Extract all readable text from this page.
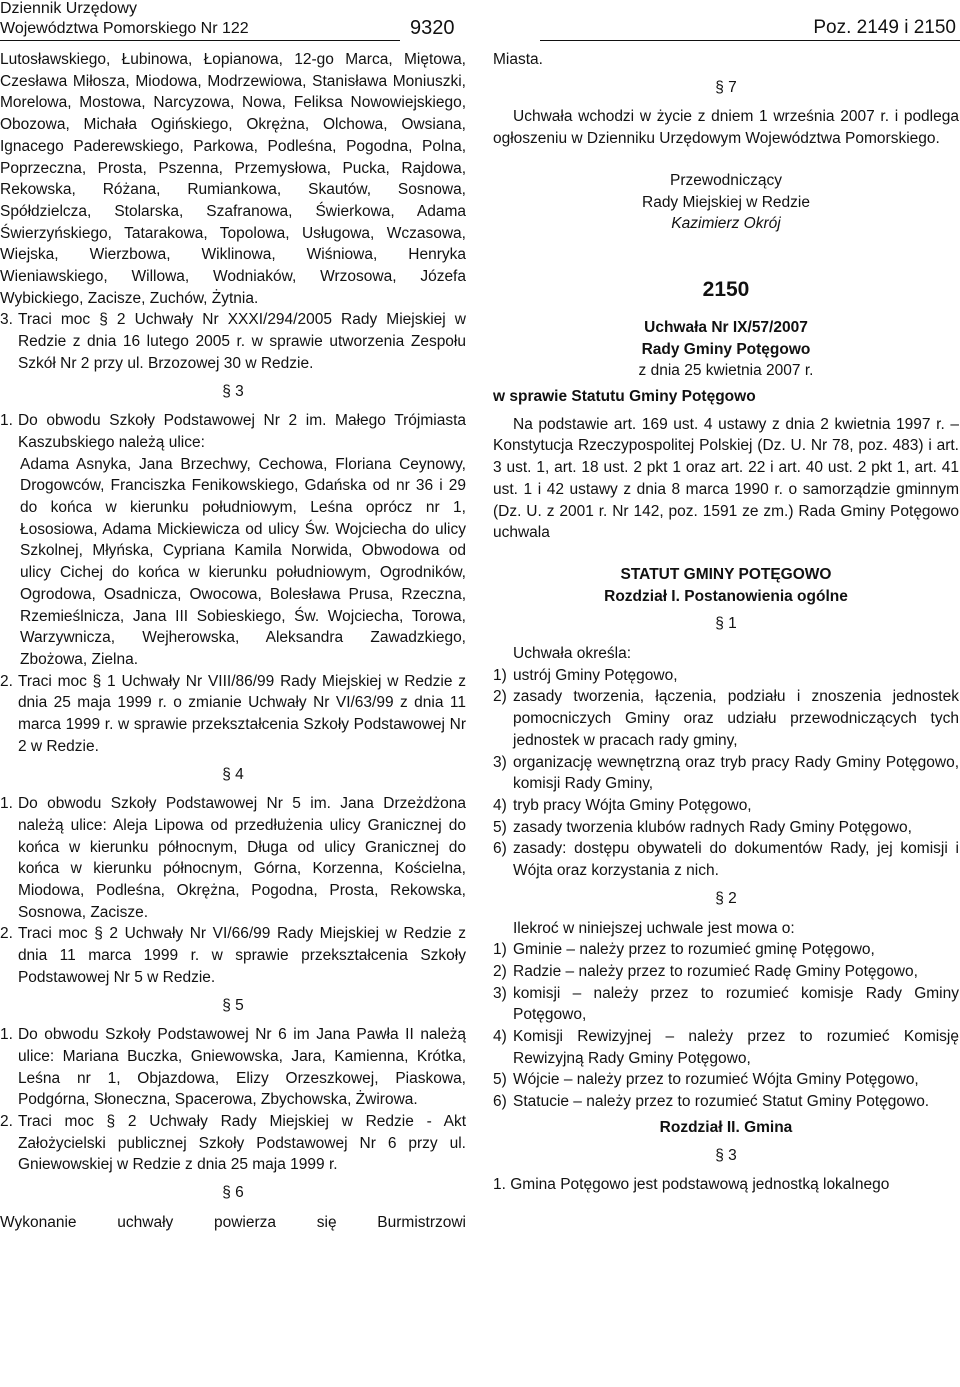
Dziennik Urzędowy
Województwa Pomorskiego Nr 122	9320	Poz. 2149 i 2150

Lutosławskiego, Łubinowa, Łopianowa, 12-go Marca, Miętowa, Czesława Miłosza, Miodowa, Modrzewiowa, Stanisława Moniuszki, Morelowa, Mostowa, Narcyzowa, Nowa, Feliksa Nowowiejskiego, Obozowa, Michała Ogińskiego, Okrężna, Olchowa, Owsiana, Ignacego Paderewskiego, Parkowa, Podleśna, Pogodna, Polna, Poprzeczna, Prosta, Pszenna, Przemysłowa, Pucka, Rajdowa, Rekowska, Różana, Rumiankowa, Skautów, Sosnowa, Spółdzielcza, Stolarska, Szafranowa, Świerkowa, Adama Świerzyńskiego, Tatarakowa, Topolowa, Usługowa, Wczasowa, Wiejska, Wierzbowa, Wiklinowa, Wiśniowa, Henryka Wieniawskiego, Willowa, Wodniaków, Wrzosowa, Józefa Wybickiego, Zacisze, Zuchów, Żytnia.

3. Traci moc § 2 Uchwały Nr XXXI/294/2005 Rady Miejskiej w Redzie z dnia 16 lutego 2005 r. w sprawie utworzenia Zespołu Szkół Nr 2 przy ul. Brzozowej 30 w Redzie.

§ 3

1. Do obwodu Szkoły Podstawowej Nr 2 im. Małego Trójmiasta Kaszubskiego należą ulice:

Adama Asnyka, Jana Brzechwy, Cechowa, Floriana Ceynowy, Drogowców, Franciszka Fenikowskiego, Gdańska od nr 36 i 29 do końca w kierunku południowym, Leśna oprócz nr 1, Łososiowa, Adama Mickiewicza od ulicy Św. Wojciecha do ulicy Szkolnej, Młyńska, Cypriana Kamila Norwida, Obwodowa od ulicy Cichej do końca w kierunku południowym, Ogrodników, Ogrodowa, Osadnicza, Owocowa, Bolesława Prusa, Rzeczna, Rzemieślnicza, Jana III Sobieskiego, Św. Wojciecha, Torowa, Warzywnicza, Wejherowska, Aleksandra Zawadzkiego, Zbożowa, Zielna.

2. Traci moc § 1 Uchwały Nr VIII/86/99 Rady Miejskiej w Redzie z dnia 25 maja 1999 r. o zmianie Uchwały Nr VI/63/99 z dnia 11 marca 1999 r. w sprawie przekształcenia Szkoły Podstawowej Nr 2 w Redzie.

§ 4

1. Do obwodu Szkoły Podstawowej Nr 5 im. Jana Drzeżdżona należą ulice: Aleja Lipowa od przedłużenia ulicy Granicznej do końca w kierunku północnym, Długa od ulicy Granicznej do końca w kierunku północnym, Górna, Korzenna, Kościelna, Miodowa, Podleśna, Okrężna, Pogodna, Prosta, Rekowska, Sosnowa, Zacisze.
2. Traci moc § 2 Uchwały Nr VI/66/99 Rady Miejskiej w Redzie z dnia 11 marca 1999 r. w sprawie przekształcenia Szkoły Podstawowej Nr 5 w Redzie.

§ 5

1. Do obwodu Szkoły Podstawowej Nr 6 im Jana Pawła II należą ulice: Mariana Buczka, Gniewowska, Jara, Kamienna, Krótka, Leśna nr 1, Objazdowa, Elizy Orzeszkowej, Piaskowa, Podgórna, Słoneczna, Spacerowa, Zbychowska, Żwirowa.
2. Traci moc § 2 Uchwały Rady Miejskiej w Redzie - Akt Założycielski publicznej Szkoły Podstawowej Nr 6 przy ul. Gniewowskiej w Redzie z dnia 25 maja 1999 r.

§ 6

Wykonanie uchwały powierza się Burmistrzowi

Miasta.

§ 7

Uchwała wchodzi w życie z dniem 1 września 2007 r. i podlega ogłoszeniu w Dzienniku Urzędowym Województwa Pomorskiego.

Przewodniczący

Rady Miejskiej w Redzie

Kazimierz Okrój

2150

Uchwała Nr IX/57/2007

Rady Gminy Potęgowo

z dnia 25 kwietnia 2007 r.

w sprawie Statutu Gminy Potęgowo

Na podstawie art. 169 ust. 4 ustawy z dnia 2 kwietnia 1997 r. – Konstytucja Rzeczypospolitej Polskiej (Dz. U. Nr 78, poz. 483) i art. 3 ust. 1, art. 18 ust. 2 pkt 1 oraz art. 22 i art. 40 ust. 2 pkt 1, art. 41 ust. 1 i 42 ustawy z dnia 8 marca 1990 r. o samorządzie gminnym (Dz. U. z 2001 r. Nr 142, poz. 1591 ze zm.) Rada Gminy Potęgowo uchwala

STATUT GMINY POTĘGOWO

Rozdział I. Postanowienia ogólne

§ 1

Uchwała określa:

1) ustrój Gminy Potęgowo,
2) zasady tworzenia, łączenia, podziału i znoszenia jednostek pomocniczych Gminy oraz udziału przewodniczących tych jednostek w pracach rady gminy,
3) organizację wewnętrzną oraz tryb pracy Rady Gminy Potęgowo, komisji Rady Gminy,
4) tryb pracy Wójta Gminy Potęgowo,
5) zasady tworzenia klubów radnych Rady Gminy Potęgowo,
6) zasady: dostępu obywateli do dokumentów Rady, jej komisji i Wójta oraz korzystania z nich.

§ 2

Ilekroć w niniejszej uchwale jest mowa o:

1) Gminie – należy przez to rozumieć gminę Potęgowo,
2) Radzie – należy przez to rozumieć Radę Gminy Potęgowo,
3) komisji – należy przez to rozumieć komisje Rady Gminy Potęgowo,
4) Komisji Rewizyjnej – należy przez to rozumieć Komisję Rewizyjną Rady Gminy Potęgowo,
5) Wójcie – należy przez to rozumieć Wójta Gminy Potęgowo,
6) Statucie – należy przez to rozumieć Statut Gminy Potęgowo.

Rozdział II. Gmina

§ 3

1. Gmina Potęgowo jest podstawową jednostką lokalnego
